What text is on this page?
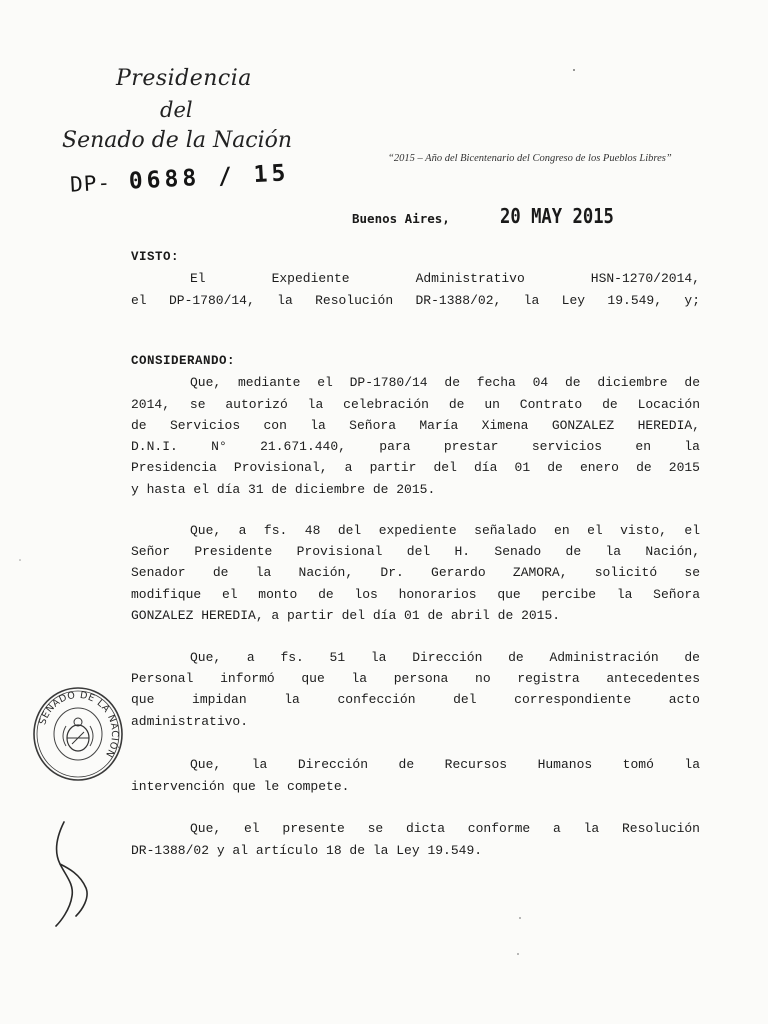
Presidencia
del
Senado de la Nación
“2015 – Año del Bicentenario del Congreso de los Pueblos Libres”
DP- 0688 / 15
Buenos Aires,	20 MAY 2015
VISTO:
El Expediente Administrativo HSN-1270/2014,
el DP-1780/14, la Resolución DR-1388/02, la Ley 19.549, y;
CONSIDERANDO:
Que, mediante el DP-1780/14 de fecha 04 de diciembre de
2014, se autorizó la celebración de un Contrato de Locación
de Servicios con la Señora María Ximena GONZALEZ HEREDIA,
D.N.I. N° 21.671.440, para prestar servicios en la
Presidencia Provisional, a partir del día 01 de enero de 2015
y hasta el día 31 de diciembre de 2015.
Que, a fs. 48 del expediente señalado en el visto, el
Señor Presidente Provisional del H. Senado de la Nación,
Senador de la Nación, Dr. Gerardo ZAMORA, solicitó se
modifique el monto de los honorarios que percibe la Señora
GONZALEZ HEREDIA, a partir del día 01 de abril de 2015.
Que, a fs. 51 la Dirección de Administración de
Personal informó que la persona no registra antecedentes
que impidan la confección del correspondiente acto
administrativo.
Que, la Dirección de Recursos Humanos tomó la
intervención que le compete.
Que, el presente se dicta conforme a la Resolución
DR-1388/02 y al artículo 18 de la Ley 19.549.
SENADO DE LA NACIÓN
